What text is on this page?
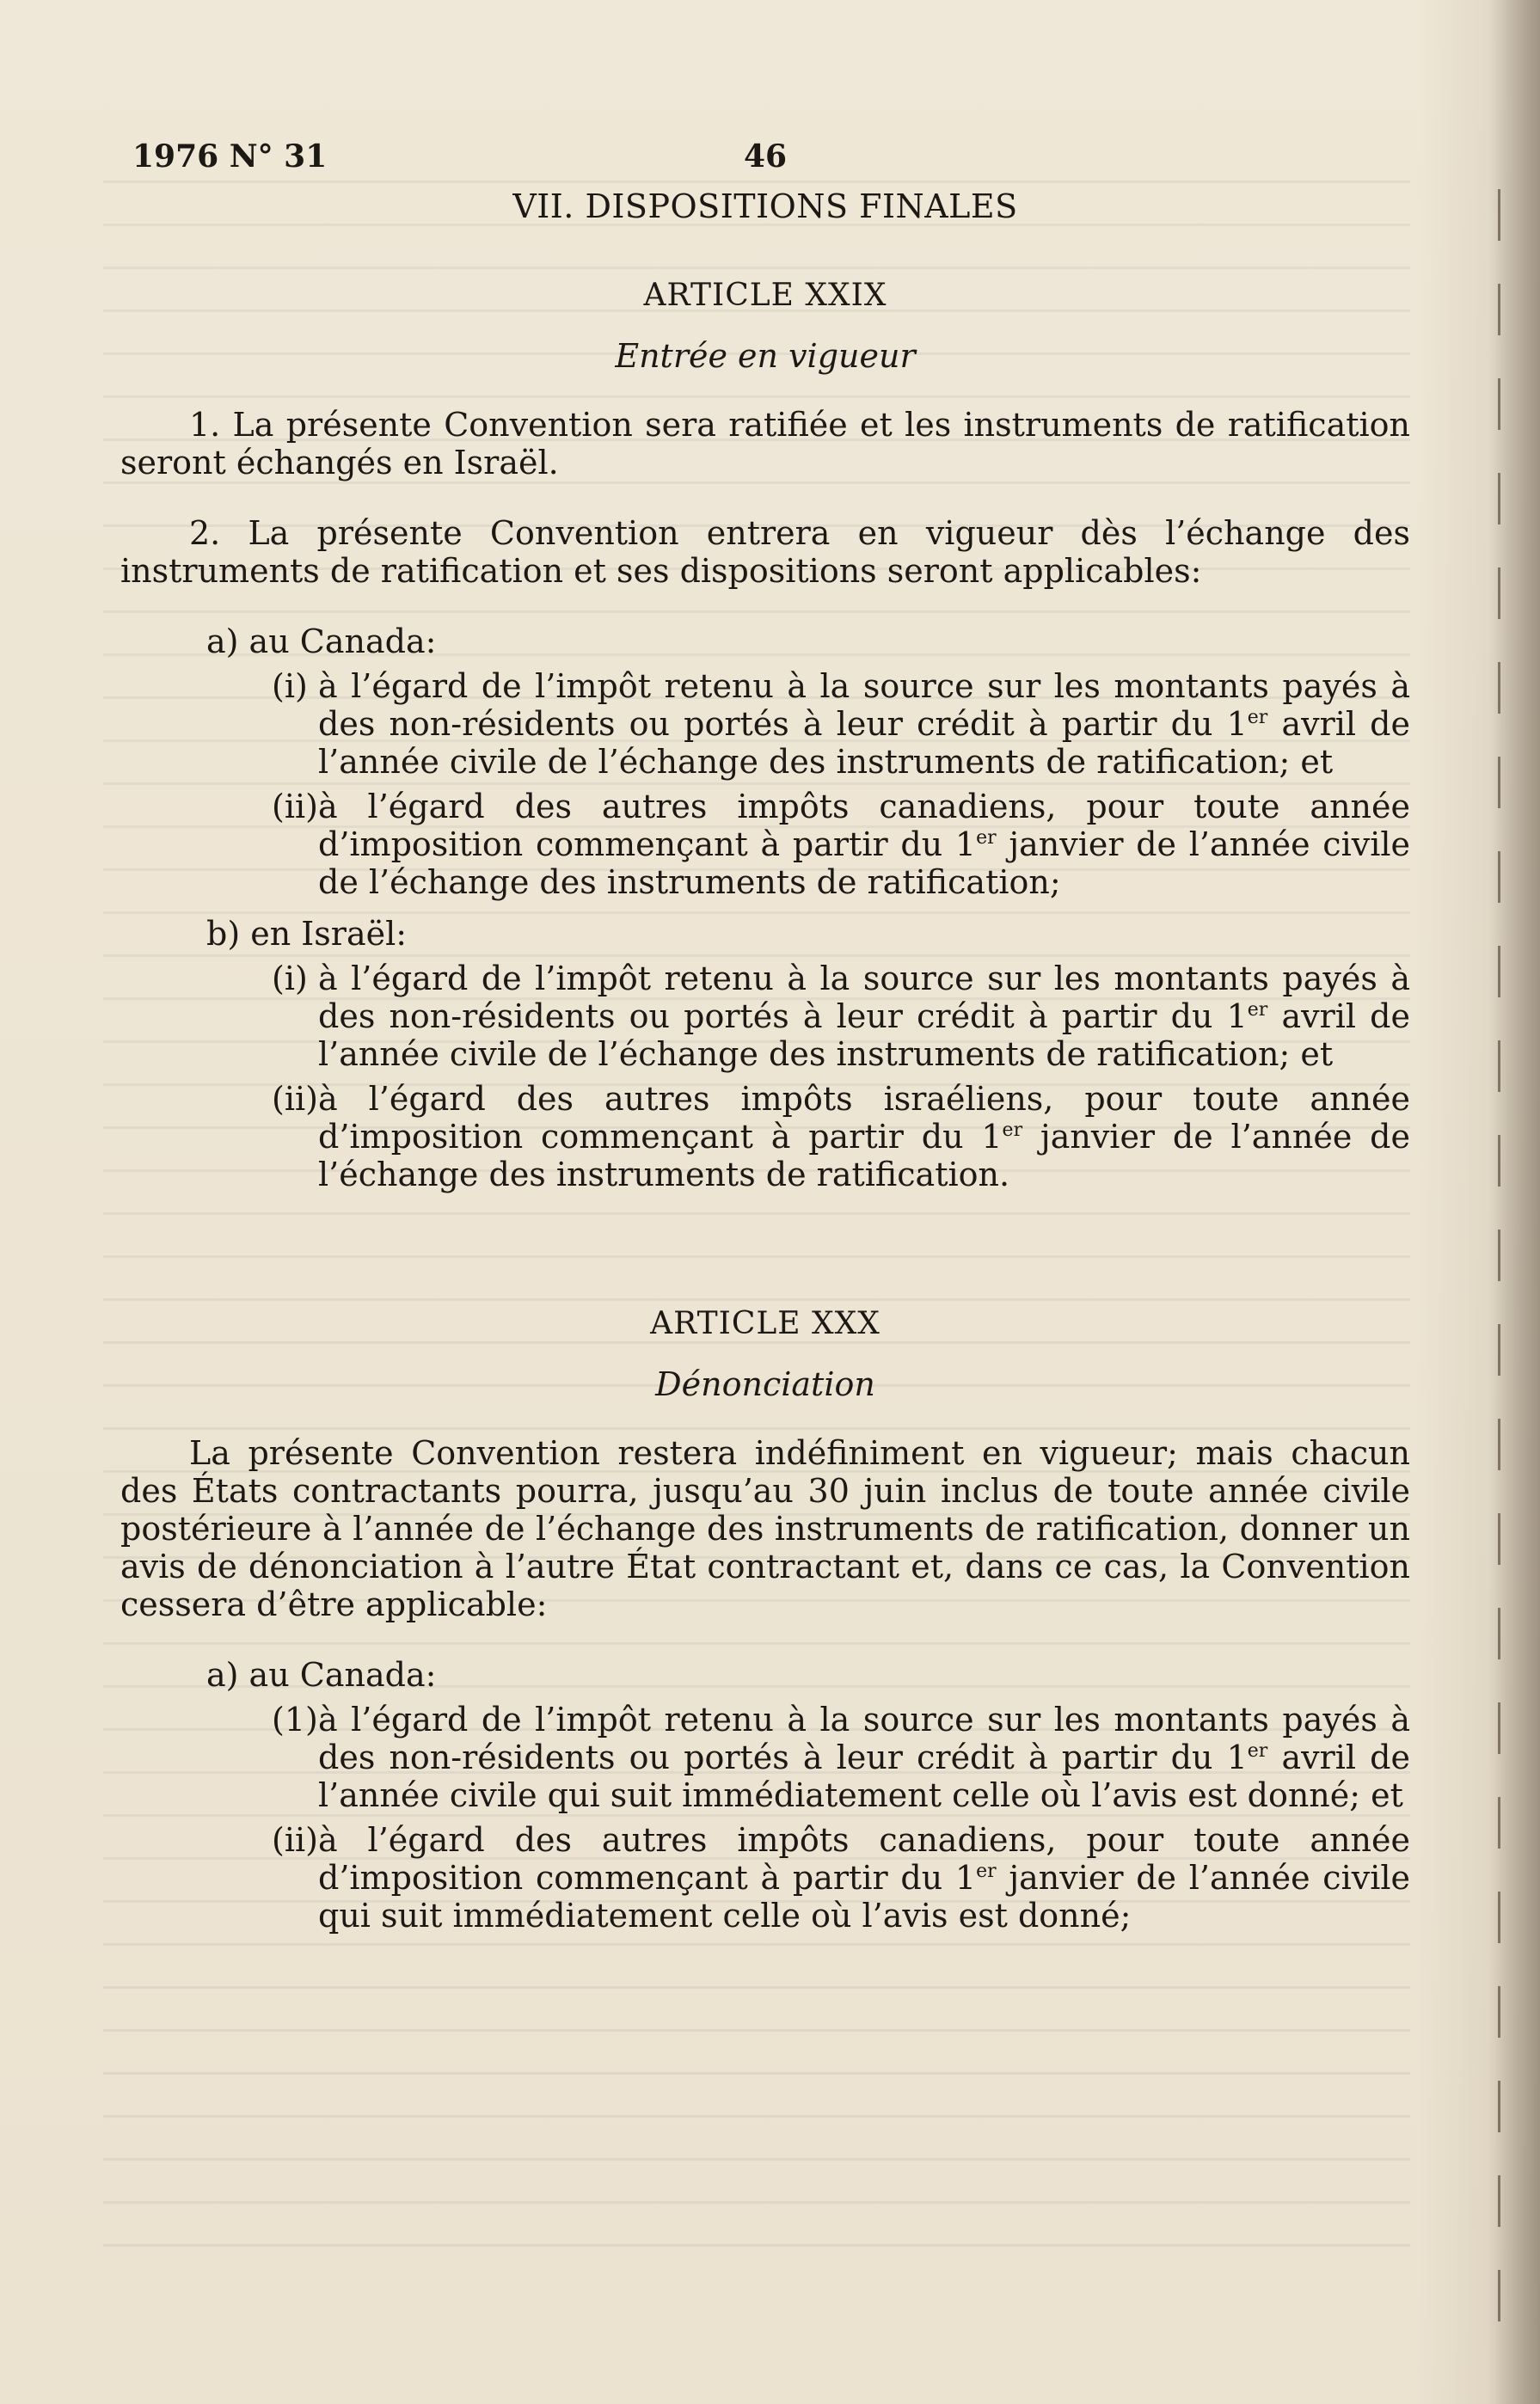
1976 N° 31	46
VII. DISPOSITIONS FINALES
ARTICLE XXIX
Entrée en vigueur

1. La présente Convention sera ratifiée et les instruments de ratification seront échangés en Israël.

2. La présente Convention entrera en vigueur dès l’échange des instruments de ratification et ses dispositions seront applicables:

a) au Canada:
(i) à l’égard de l’impôt retenu à la source sur les montants payés à des non-résidents ou portés à leur crédit à partir du 1er avril de l’année civile de l’échange des instruments de ratification; et
(ii) à l’égard des autres impôts canadiens, pour toute année d’imposition commençant à partir du 1er janvier de l’année civile de l’échange des instruments de ratification;
b) en Israël:
(i) à l’égard de l’impôt retenu à la source sur les montants payés à des non-résidents ou portés à leur crédit à partir du 1er avril de l’année civile de l’échange des instruments de ratification; et
(ii) à l’égard des autres impôts israéliens, pour toute année d’imposition commençant à partir du 1er janvier de l’année de l’échange des instruments de ratification.
ARTICLE XXX
Dénonciation

La présente Convention restera indéfiniment en vigueur; mais chacun des États contractants pourra, jusqu’au 30 juin inclus de toute année civile postérieure à l’année de l’échange des instruments de ratification, donner un avis de dénonciation à l’autre État contractant et, dans ce cas, la Convention cessera d’être applicable:

a) au Canada:
(1) à l’égard de l’impôt retenu à la source sur les montants payés à des non-résidents ou portés à leur crédit à partir du 1er avril de l’année civile qui suit immédiatement celle où l’avis est donné; et
(ii) à l’égard des autres impôts canadiens, pour toute année d’imposition commençant à partir du 1er janvier de l’année civile qui suit immédiatement celle où l’avis est donné;
